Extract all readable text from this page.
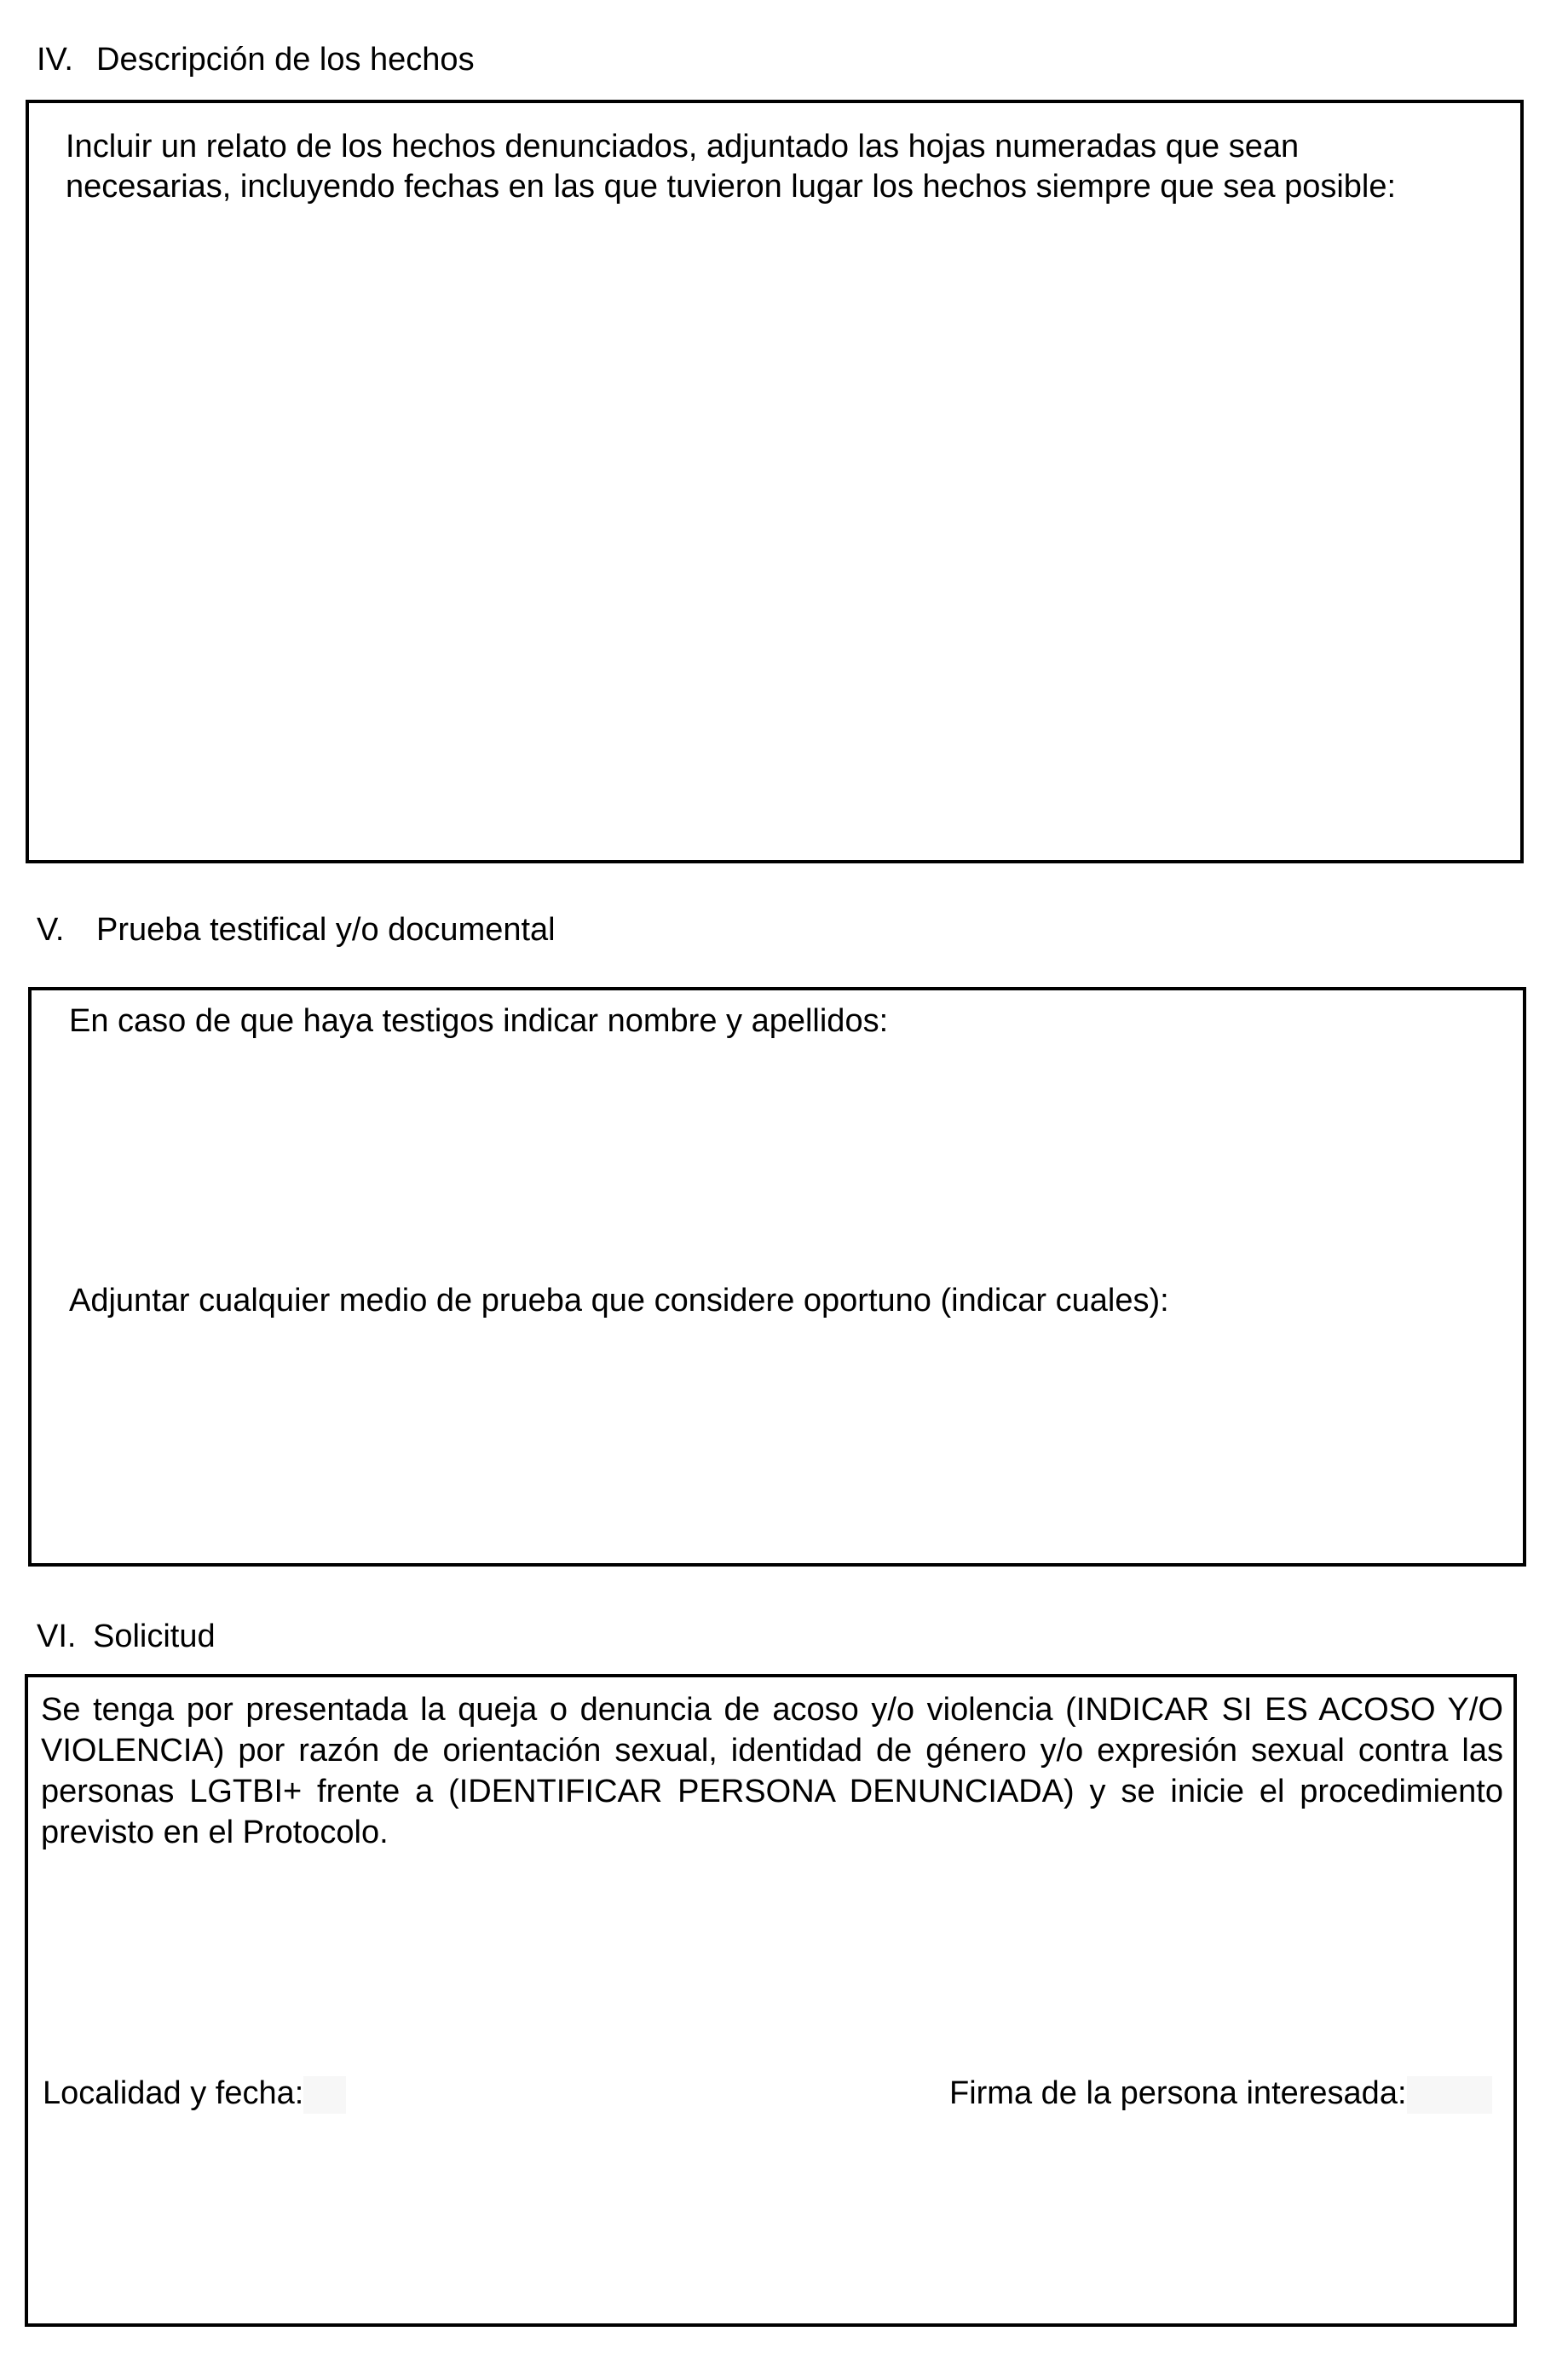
IV. Descripción de los hechos
Incluir un relato de los hechos denunciados, adjuntado las hojas numeradas que sean
necesarias, incluyendo fechas en las que tuvieron lugar los hechos siempre que sea posible:
V. Prueba testifical y/o documental
En caso de que haya testigos indicar nombre y apellidos:
Adjuntar cualquier medio de prueba que considere oportuno (indicar cuales):
VI. Solicitud
Se tenga por presentada la queja o denuncia de acoso y/o violencia (INDICAR SI ES ACOSO Y/O VIOLENCIA) por razón de orientación sexual, identidad de género y/o expresión sexual contra las personas LGTBI+ frente a (IDENTIFICAR PERSONA DENUNCIADA) y se inicie el procedimiento previsto en el Protocolo.
Localidad y fecha:	Firma de la persona interesada:
